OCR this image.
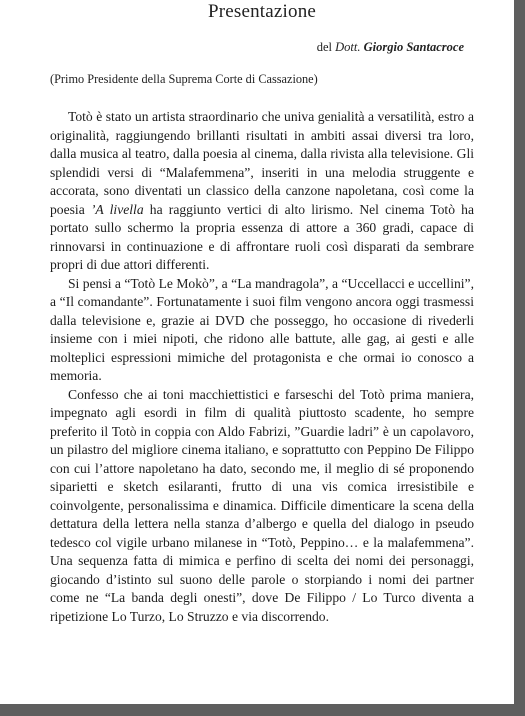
Presentazione
del Dott. Giorgio Santacroce
(Primo Presidente della Suprema Corte di Cassazione)

Totò è stato un artista straordinario che univa genialità a versatilità, estro a originalità, raggiungendo brillanti risultati in ambiti assai diversi tra loro, dalla musica al teatro, dalla poesia al cinema, dalla rivista alla televisione. Gli splendidi versi di “Malafemmena”, inseriti in una melodia struggente e accorata, sono diventati un classico della canzone napoletana, così come la poesia ’A livella ha raggiunto vertici di alto lirismo. Nel cinema Totò ha portato sullo schermo la propria essenza di attore a 360 gradi, capace di rinnovarsi in continuazione e di affrontare ruoli così disparati da sembrare propri di due attori differenti.

Si pensi a “Totò Le Mokò”, a “La mandragola”, a “Uccellacci e uccellini”, a “Il comandante”. Fortunatamente i suoi film vengono ancora oggi trasmessi dalla televisione e, grazie ai DVD che posseggo, ho occasione di rivederli insieme con i miei nipoti, che ridono alle battute, alle gag, ai gesti e alle molteplici espressioni mimiche del protagonista e che ormai io conosco a memoria.

Confesso che ai toni macchiettistici e farseschi del Totò prima maniera, impegnato agli esordi in film di qualità piuttosto scadente, ho sempre preferito il Totò in coppia con Aldo Fabrizi, ”Guardie ladri” è un capolavoro, un pilastro del migliore cinema italiano, e soprattutto con Peppino De Filippo con cui l’attore napoletano ha dato, secondo me, il meglio di sé proponendo siparietti e sketch esilaranti, frutto di una vis comica irresistibile e coinvolgente, personalissima e dinamica. Difficile dimenticare la scena della dettatura della lettera nella stanza d’albergo e quella del dialogo in pseudo tedesco col vigile urbano milanese in “Totò, Peppino… e la malafemmena”. Una sequenza fatta di mimica e perfino di scelta dei nomi dei personaggi, giocando d’istinto sul suono delle parole o storpiando i nomi dei partner come ne “La banda degli onesti”, dove De Filippo / Lo Turco diventa a ripetizione Lo Turzo, Lo Struzzo e via discorrendo.
